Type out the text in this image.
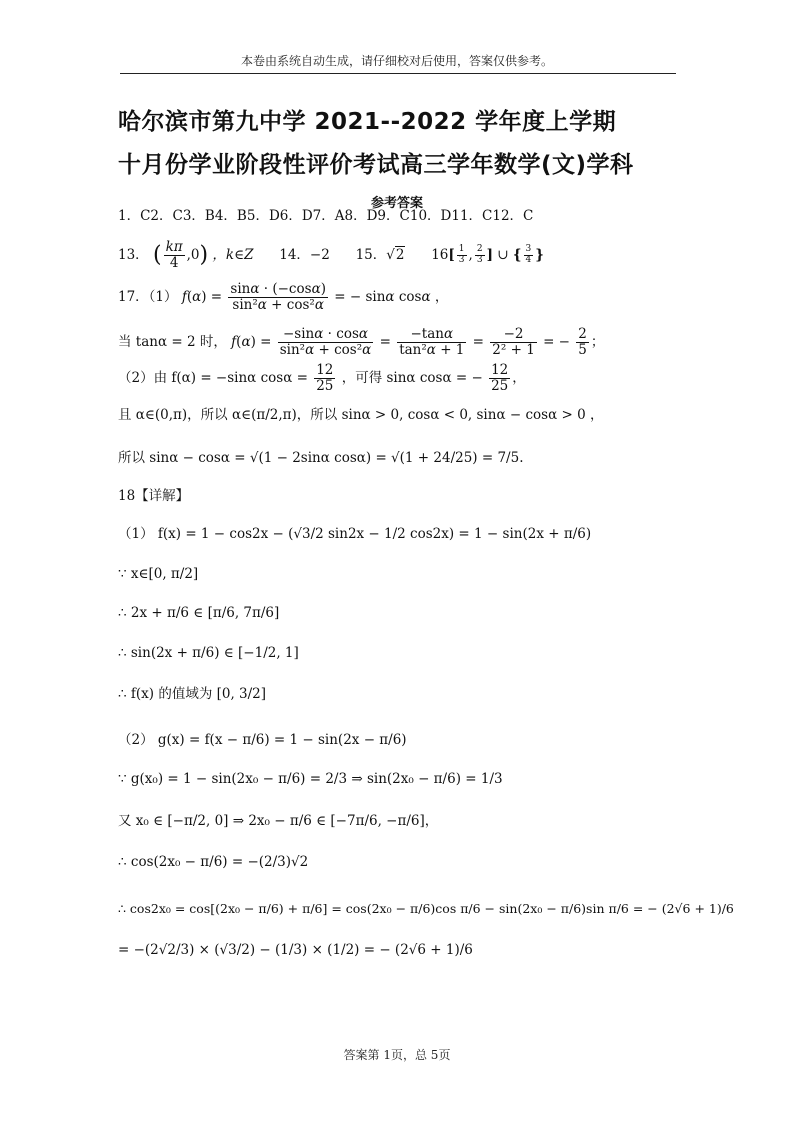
本卷由系统自动生成，请仔细校对后使用，答案仅供参考。
哈尔滨市第九中学 2021--2022 学年度上学期
十月份学业阶段性评价考试高三学年数学(文)学科
参考答案
1．C2．C3．B4．B5．D6．D7．A8．D9．C10．D11．C12．C
13． ( $\frac{k\pi}{4} ,0$) ，k∈Z 14．−2 15．√2 $16[ \frac{1}{3}$ , $\frac{2}{3}$ ] ∪ { $\frac{3}{4}$ }
17．（1） $f(\alpha) = \frac{\sin\alpha \cdot (-\cos\alpha)}{\text{sin²α + cos²α}}$ = − sinα cosα ，
当 tanα = 2 时， $f(\alpha) = \frac{-\sin\alpha \cdot \cos\alpha}{\text{sin²α + cos²α}} = \frac{-\tan\alpha}{\text{tan²α + 1}} = \frac{-2}{\text{2² + 1}}$ = − $\frac{2}{5}$ ；
（2）由 f(α) = −sinα $\cos\alpha = \frac{12}{25}$ ，可得 sinα cosα = − $\frac{12}{25}$ ，
且 α∈(0,π)，所以 α∈(π/2,π)，所以 sinα > 0, cosα < 0, sinα − cosα > 0 ，
所以 sinα − cosα = √(1 − 2sinα cosα) = √(1 + 24/25) = 7/5.
18【详解】
（1） f(x) = 1 − cos2x − (√3/2 sin2x − 1/2 cos2x) = 1 − sin(2x + π/6)
∵ x∈[0, π/2]
∴ 2x + π/6 ∈ [π/6, 7π/6]
∴ sin(2x + π/6) ∈ [−1/2, 1]
∴ f(x) 的值域为 [0, 3/2]
（2） g(x) = f(x − π/6) = 1 − sin(2x − π/6)
∵ g(x₀) = 1 − sin(2x₀ − π/6) = 2/3 ⇒ sin(2x₀ − π/6) = 1/3
又 x₀ ∈ [−π/2, 0] ⇒ 2x₀ − π/6 ∈ [−7π/6, −π/6]，
∴ cos(2x₀ − π/6) = −(2/3)√2
∴ cos2x₀ = cos[(2x₀ − π/6) + π/6] = cos(2x₀ − π/6)cos π/6 − sin(2x₀ − π/6)sin π/6 = − (2√6 + 1)/6
= −(2√2/3) × (√3/2) − (1/3) × (1/2) = − (2√6 + 1)/6
答案第 1页，总 5页
